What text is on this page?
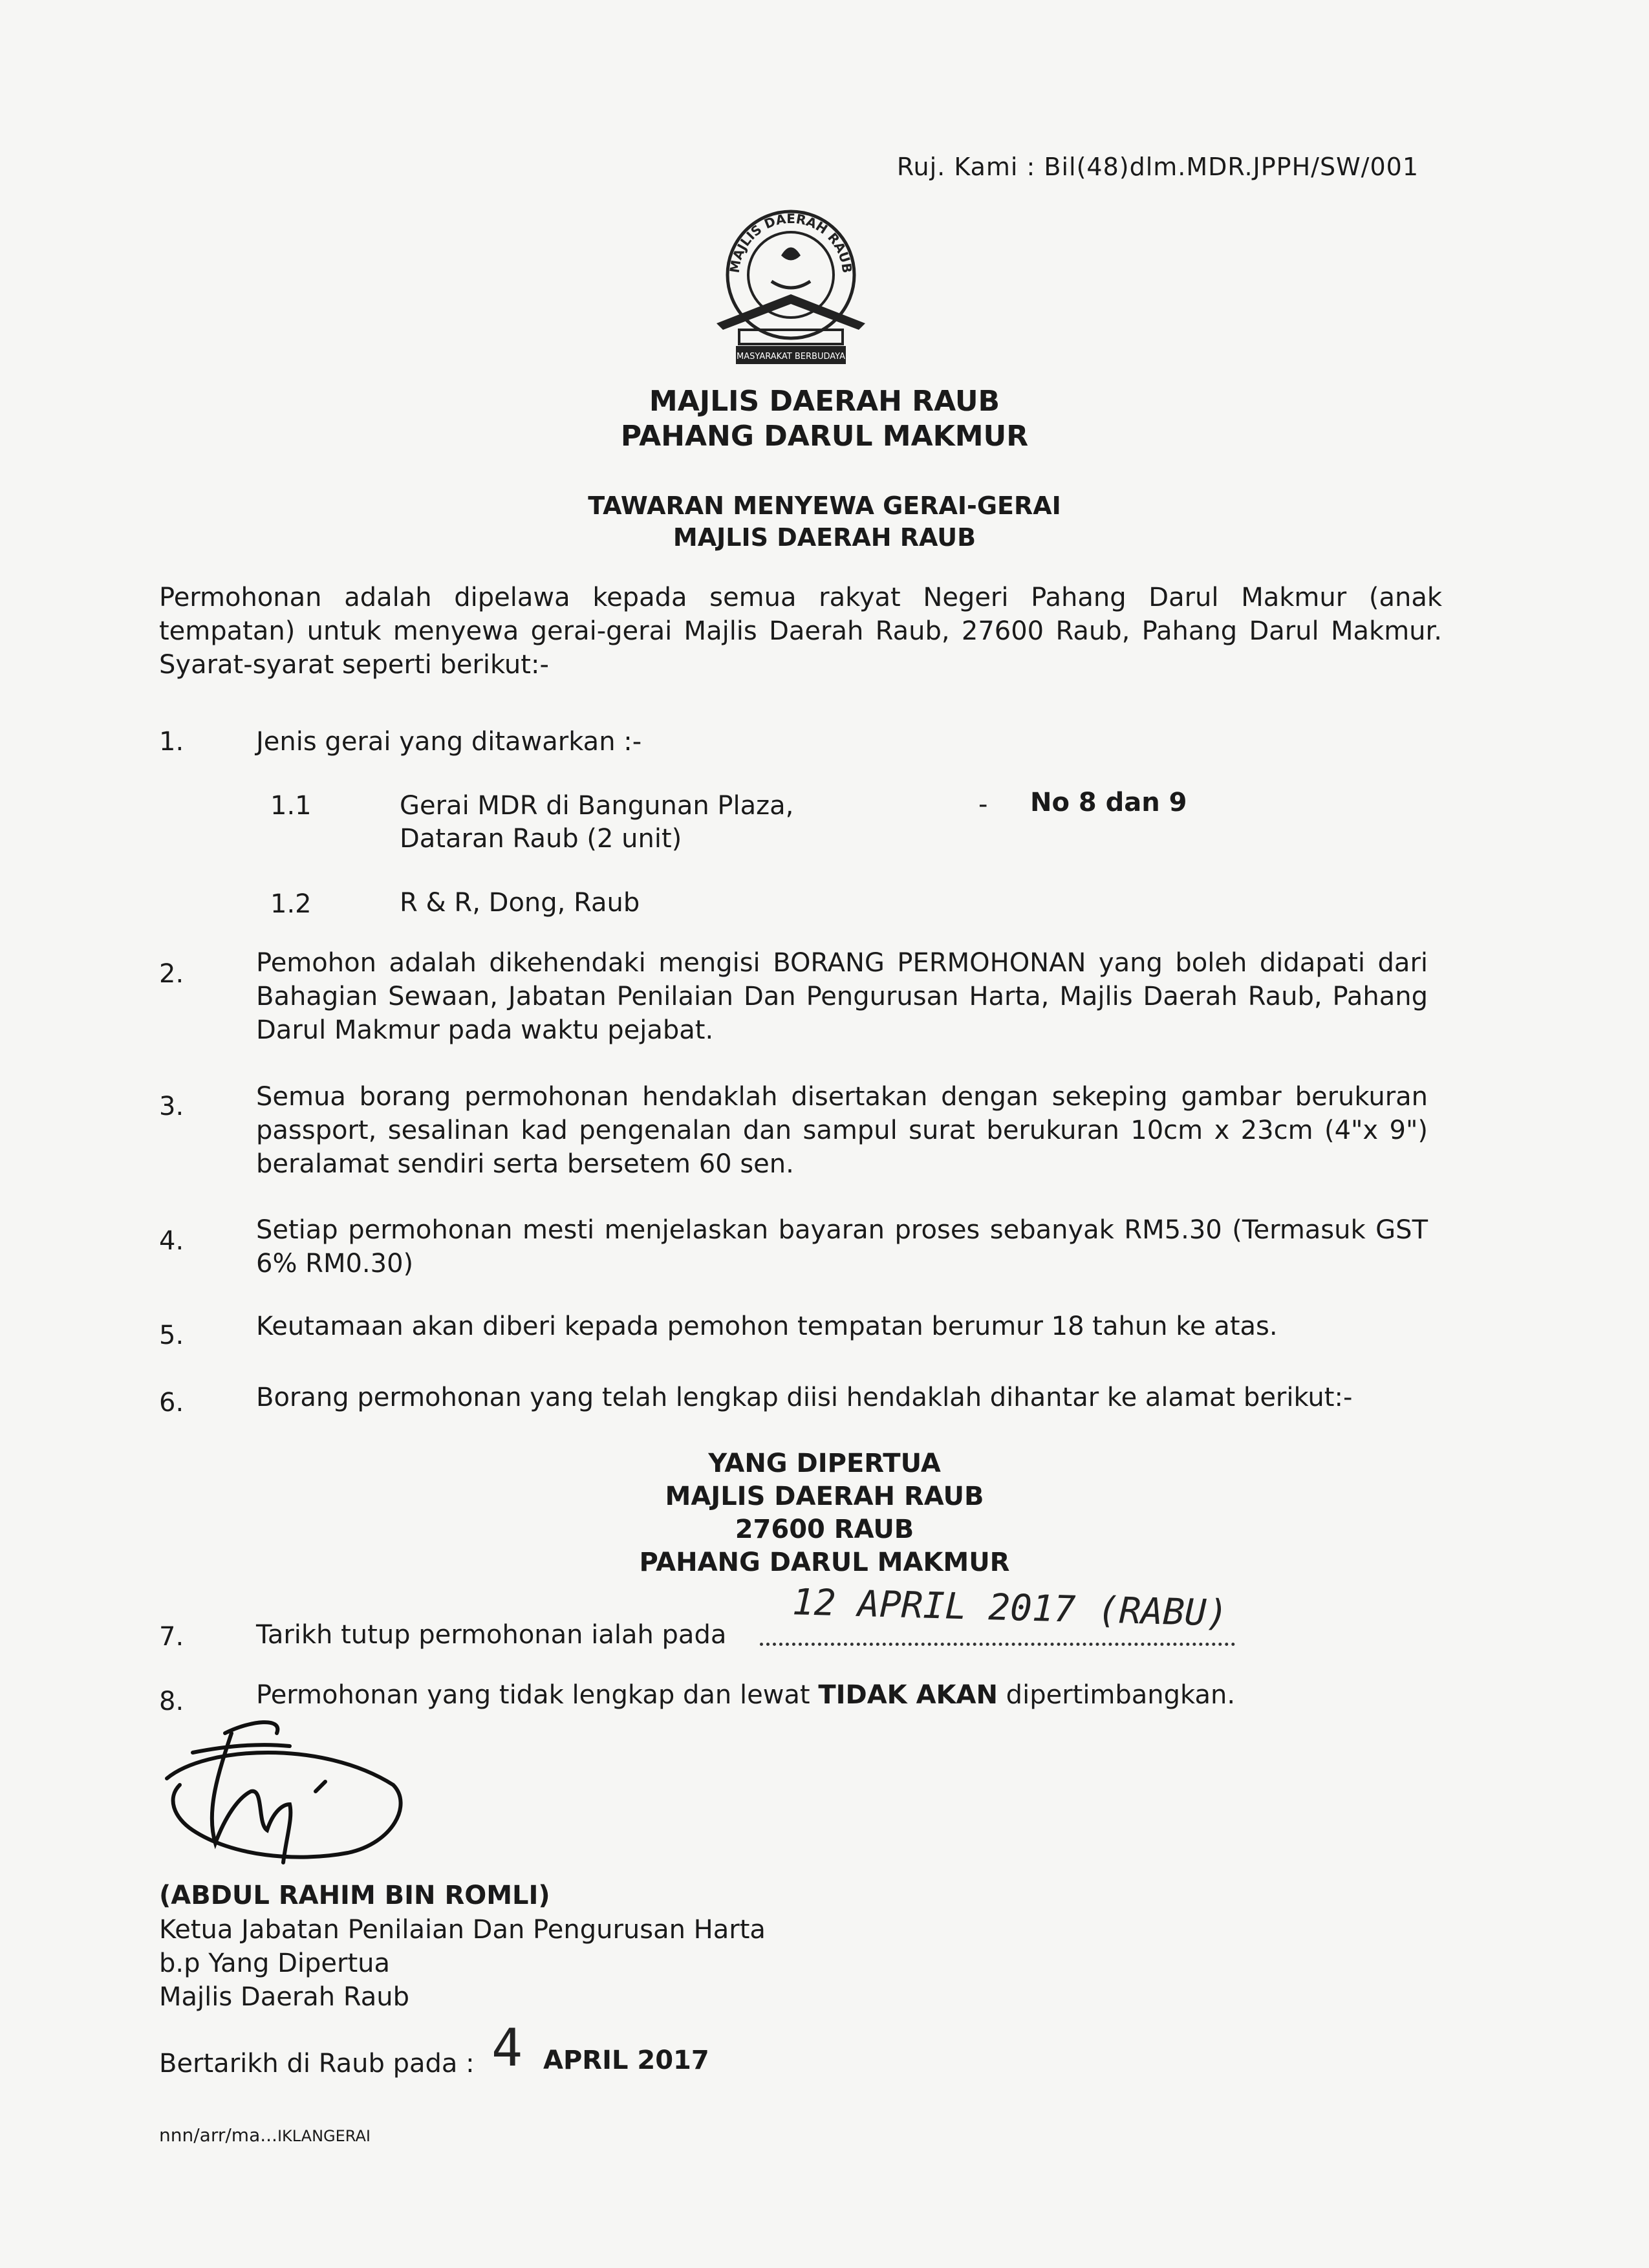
Ruj. Kami : Bil(48)dlm.MDR.JPPH/SW/001
MAJLIS DAERAH RAUB
MASYARAKAT BERBUDAYA
MAJLIS DAERAH RAUB
PAHANG DARUL MAKMUR
TAWARAN MENYEWA GERAI-GERAI
MAJLIS DAERAH RAUB
Permohonan adalah dipelawa kepada semua rakyat Negeri Pahang Darul Makmur (anak tempatan) untuk menyewa gerai-gerai Majlis Daerah Raub, 27600 Raub, Pahang Darul Makmur. Syarat-syarat seperti berikut:-
1.	Jenis gerai yang ditawarkan :-
1.1	Gerai MDR di Bangunan Plaza,
Dataran Raub (2 unit)
- No 8 dan 9
1.2	R & R, Dong, Raub
2.	Pemohon adalah dikehendaki mengisi BORANG PERMOHONAN yang boleh didapati dari Bahagian Sewaan, Jabatan Penilaian Dan Pengurusan Harta, Majlis Daerah Raub, Pahang Darul Makmur pada waktu pejabat.
3.	Semua borang permohonan hendaklah disertakan dengan sekeping gambar berukuran passport, sesalinan kad pengenalan dan sampul surat berukuran 10cm x 23cm (4"x 9") beralamat sendiri serta bersetem 60 sen.
4.	Setiap permohonan mesti menjelaskan bayaran proses sebanyak RM5.30 (Termasuk GST 6% RM0.30)
5.	Keutamaan akan diberi kepada pemohon tempatan berumur 18 tahun ke atas.
6.	Borang permohonan yang telah lengkap diisi hendaklah dihantar ke alamat berikut:-
YANG DIPERTUA
MAJLIS DAERAH RAUB
27600 RAUB
PAHANG DARUL MAKMUR
7.	Tarikh tutup permohonan ialah pada
12 APRIL 2017 (RABU)
8.	Permohonan yang tidak lengkap dan lewat TIDAK AKAN dipertimbangkan.
(ABDUL RAHIM BIN ROMLI)
Ketua Jabatan Penilaian Dan Pengurusan Harta
b.p Yang Dipertua
Majlis Daerah Raub
Bertarikh di Raub pada : 4 APRIL 2017
nnn/arr/ma...IKLANGERAI
